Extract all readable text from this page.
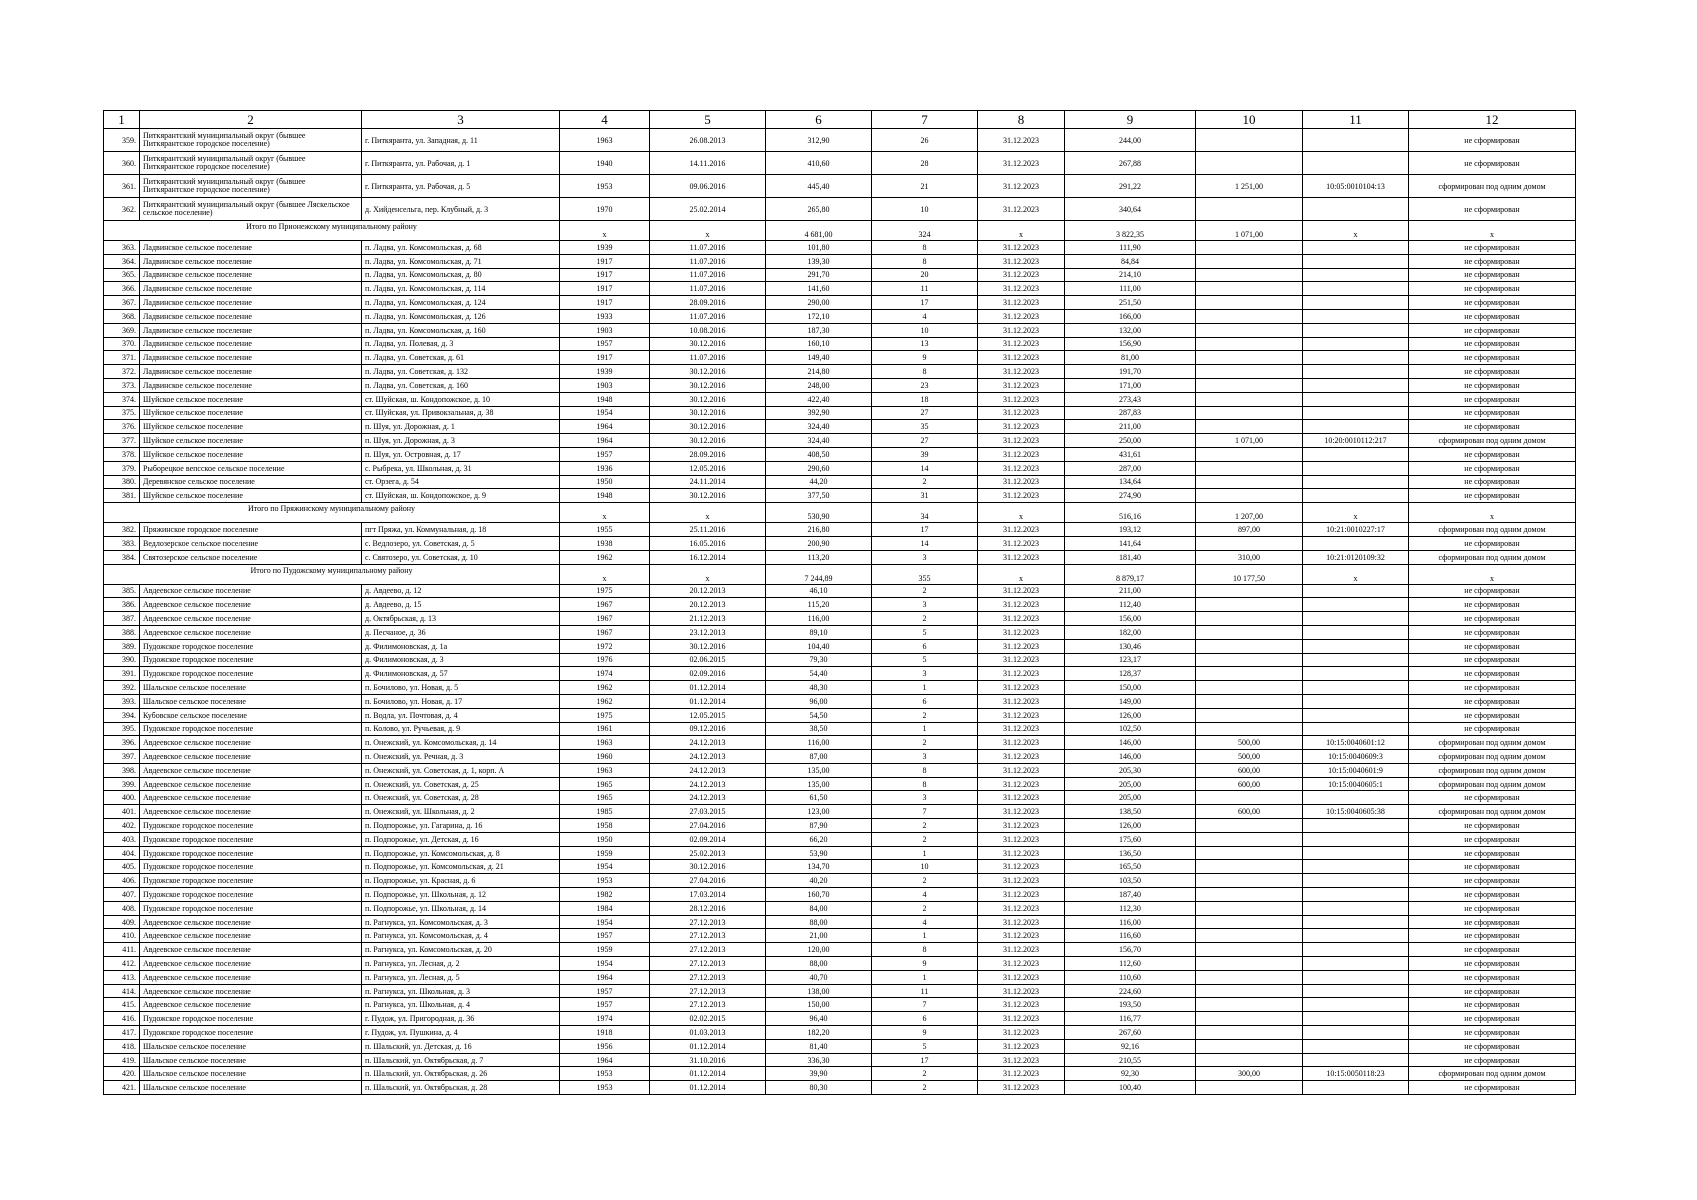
1	2	3	4	5	6	7	8	9	10	11	12
359.	Питкярантский муниципальный округ (бывшее Питкярантское городское поселение)	г. Питкяранта, ул. Западная, д. 11	1963	26.08.2013	312,90	26	31.12.2023	244,00			не сформирован
360.	Питкярантский муниципальный округ (бывшее Питкярантское городское поселение)	г. Питкяранта, ул. Рабочая, д. 1	1940	14.11.2016	410,60	28	31.12.2023	267,88			не сформирован
361.	Питкярантский муниципальный округ (бывшее Питкярантское городское поселение)	г. Питкяранта, ул. Рабочая, д. 5	1953	09.06.2016	445,40	21	31.12.2023	291,22	1 251,00	10:05:0010104:13	сформирован под одним домом
362.	Питкярантский муниципальный округ (бывшее Ляскельское сельское поселение)	д. Хийденсельга, пер. Клубный, д. 3	1970	25.02.2014	265,80	10	31.12.2023	340,64			не сформирован
Итого по Прионежскому муниципальному району			x	x	4 681,00	324	x	3 822,35	1 071,00	x	x
363.	Ладвинское сельское поселение	п. Ладва, ул. Комсомольская, д. 68	1939	11.07.2016	101,80	8	31.12.2023	111,90			не сформирован
364.	Ладвинское сельское поселение	п. Ладва, ул. Комсомольская, д. 71	1917	11.07.2016	139,30	8	31.12.2023	84,84			не сформирован
365.	Ладвинское сельское поселение	п. Ладва, ул. Комсомольская, д. 80	1917	11.07.2016	291,70	20	31.12.2023	214,10			не сформирован
366.	Ладвинское сельское поселение	п. Ладва, ул. Комсомольская, д. 114	1917	11.07.2016	141,60	11	31.12.2023	111,00			не сформирован
367.	Ладвинское сельское поселение	п. Ладва, ул. Комсомольская, д. 124	1917	28.09.2016	290,00	17	31.12.2023	251,50			не сформирован
368.	Ладвинское сельское поселение	п. Ладва, ул. Комсомольская, д. 126	1933	11.07.2016	172,10	4	31.12.2023	166,00			не сформирован
369.	Ладвинское сельское поселение	п. Ладва, ул. Комсомольская, д. 160	1903	10.08.2016	187,30	10	31.12.2023	132,00			не сформирован
370.	Ладвинское сельское поселение	п. Ладва, ул. Полевая, д. 3	1957	30.12.2016	160,10	13	31.12.2023	156,90			не сформирован
371.	Ладвинское сельское поселение	п. Ладва, ул. Советская, д. 61	1917	11.07.2016	149,40	9	31.12.2023	81,00			не сформирован
372.	Ладвинское сельское поселение	п. Ладва, ул. Советская, д. 132	1939	30.12.2016	214,80	8	31.12.2023	191,70			не сформирован
373.	Ладвинское сельское поселение	п. Ладва, ул. Советская, д. 160	1903	30.12.2016	248,00	23	31.12.2023	171,00			не сформирован
374.	Шуйское сельское поселение	ст. Шуйская, ш. Кондопожское, д. 10	1948	30.12.2016	422,40	18	31.12.2023	273,43			не сформирован
375.	Шуйское сельское поселение	ст. Шуйская, ул. Привокзальная, д. 38	1954	30.12.2016	392,90	27	31.12.2023	287,83			не сформирован
376.	Шуйское сельское поселение	п. Шуя, ул. Дорожная, д. 1	1964	30.12.2016	324,40	35	31.12.2023	211,00			не сформирован
377.	Шуйское сельское поселение	п. Шуя, ул. Дорожная, д. 3	1964	30.12.2016	324,40	27	31.12.2023	250,00	1 071,00	10:20:0010112:217	сформирован под одним домом
378.	Шуйское сельское поселение	п. Шуя, ул. Островная, д. 17	1957	28.09.2016	408,50	39	31.12.2023	431,61			не сформирован
379.	Рыборецкое вепсское сельское поселение	с. Рыбрека, ул. Школьная, д. 31	1936	12.05.2016	290,60	14	31.12.2023	287,00			не сформирован
380.	Деревянское сельское поселение	ст. Орзега, д. 54	1950	24.11.2014	44,20	2	31.12.2023	134,64			не сформирован
381.	Шуйское сельское поселение	ст. Шуйская, ш. Кондопожское, д. 9	1948	30.12.2016	377,50	31	31.12.2023	274,90			не сформирован
Итого по Пряжинскому муниципальному району			x	x	530,90	34	x	516,16	1 207,00	x	x
382.	Пряжинское городское поселение	пгт Пряжа, ул. Коммунальная, д. 18	1955	25.11.2016	216,80	17	31.12.2023	193,12	897,00	10:21:0010227:17	сформирован под одним домом
383.	Ведлозерское сельское поселение	с. Ведлозеро, ул. Советская, д. 5	1938	16.05.2016	200,90	14	31.12.2023	141,64			не сформирован
384.	Святозерское сельское поселение	с. Святозеро, ул. Советская, д. 10	1962	16.12.2014	113,20	3	31.12.2023	181,40	310,00	10:21:0120109:32	сформирован под одним домом
Итого по Пудожскому муниципальному району			x	x	7 244,89	355	x	8 879,17	10 177,50	x	x
385.	Авдеевское сельское поселение	д. Авдеево, д. 12	1975	20.12.2013	46,10	2	31.12.2023	211,00			не сформирован
386.	Авдеевское сельское поселение	д. Авдеево, д. 15	1967	20.12.2013	115,20	3	31.12.2023	112,40			не сформирован
387.	Авдеевское сельское поселение	д. Октябрьская, д. 13	1967	21.12.2013	116,00	2	31.12.2023	156,00			не сформирован
388.	Авдеевское сельское поселение	д. Песчаное, д. 36	1967	23.12.2013	89,10	5	31.12.2023	182,00			не сформирован
389.	Пудожское городское поселение	д. Филимоновская, д. 1а	1972	30.12.2016	104,40	6	31.12.2023	130,46			не сформирован
390.	Пудожское городское поселение	д. Филимоновская, д. 3	1976	02.06.2015	79,30	5	31.12.2023	123,17			не сформирован
391.	Пудожское городское поселение	д. Филимоновская, д. 57	1974	02.09.2016	54,40	3	31.12.2023	128,37			не сформирован
392.	Шальское сельское поселение	п. Бочилово, ул. Новая, д. 5	1962	01.12.2014	48,30	1	31.12.2023	150,00			не сформирован
393.	Шальское сельское поселение	п. Бочилово, ул. Новая, д. 17	1962	01.12.2014	96,00	6	31.12.2023	149,00			не сформирован
394.	Кубовское сельское поселение	п. Водла, ул. Почтовая, д. 4	1975	12.05.2015	54,50	2	31.12.2023	126,00			не сформирован
395.	Пудожское городское поселение	п. Колово, ул. Ручьевая, д. 9	1961	09.12.2016	38,50	1	31.12.2023	102,50			не сформирован
396.	Авдеевское сельское поселение	п. Онежский, ул. Комсомольская, д. 14	1963	24.12.2013	116,00	2	31.12.2023	146,00	500,00	10:15:0040601:12	сформирован под одним домом
397.	Авдеевское сельское поселение	п. Онежский, ул. Речная, д. 3	1960	24.12.2013	87,00	3	31.12.2023	146,00	500,00	10:15:0040609:3	сформирован под одним домом
398.	Авдеевское сельское поселение	п. Онежский, ул. Советская, д. 1, корп. А	1963	24.12.2013	135,00	8	31.12.2023	205,30	600,00	10:15:0040601:9	сформирован под одним домом
399.	Авдеевское сельское поселение	п. Онежский, ул. Советская, д. 25	1965	24.12.2013	135,00	8	31.12.2023	205,00	600,00	10:15:0040605:1	сформирован под одним домом
400.	Авдеевское сельское поселение	п. Онежский, ул. Советская, д. 28	1965	24.12.2013	61,50	3	31.12.2023	205,00			не сформирован
401.	Авдеевское сельское поселение	п. Онежский, ул. Школьная, д. 2	1985	27.03.2015	123,00	7	31.12.2023	138,50	600,00	10:15:0040605:38	сформирован под одним домом
402.	Пудожское городское поселение	п. Подпорожье, ул. Гагарина, д. 16	1958	27.04.2016	87,90	2	31.12.2023	126,00			не сформирован
403.	Пудожское городское поселение	п. Подпорожье, ул. Детская, д. 16	1950	02.09.2014	66,20	2	31.12.2023	175,60			не сформирован
404.	Пудожское городское поселение	п. Подпорожье, ул. Комсомольская, д. 8	1959	25.02.2013	53,90	1	31.12.2023	136,50			не сформирован
405.	Пудожское городское поселение	п. Подпорожье, ул. Комсомольская, д. 21	1954	30.12.2016	134,70	10	31.12.2023	165,50			не сформирован
406.	Пудожское городское поселение	п. Подпорожье, ул. Красная, д. 6	1953	27.04.2016	40,20	2	31.12.2023	103,50			не сформирован
407.	Пудожское городское поселение	п. Подпорожье, ул. Школьная, д. 12	1982	17.03.2014	160,70	4	31.12.2023	187,40			не сформирован
408.	Пудожское городское поселение	п. Подпорожье, ул. Школьная, д. 14	1984	28.12.2016	84,00	2	31.12.2023	112,30			не сформирован
409.	Авдеевское сельское поселение	п. Рагнукса, ул. Комсомольская, д. 3	1954	27.12.2013	88,00	4	31.12.2023	116,00			не сформирован
410.	Авдеевское сельское поселение	п. Рагнукса, ул. Комсомольская, д. 4	1957	27.12.2013	21,00	1	31.12.2023	116,60			не сформирован
411.	Авдеевское сельское поселение	п. Рагнукса, ул. Комсомольская, д. 20	1959	27.12.2013	120,00	8	31.12.2023	156,70			не сформирован
412.	Авдеевское сельское поселение	п. Рагнукса, ул. Лесная, д. 2	1954	27.12.2013	88,00	9	31.12.2023	112,60			не сформирован
413.	Авдеевское сельское поселение	п. Рагнукса, ул. Лесная, д. 5	1964	27.12.2013	40,70	1	31.12.2023	110,60			не сформирован
414.	Авдеевское сельское поселение	п. Рагнукса, ул. Школьная, д. 3	1957	27.12.2013	138,00	11	31.12.2023	224,60			не сформирован
415.	Авдеевское сельское поселение	п. Рагнукса, ул. Школьная, д. 4	1957	27.12.2013	150,00	7	31.12.2023	193,50			не сформирован
416.	Пудожское городское поселение	г. Пудож, ул. Пригородная, д. 36	1974	02.02.2015	96,40	6	31.12.2023	116,77			не сформирован
417.	Пудожское городское поселение	г. Пудож, ул. Пушкина, д. 4	1918	01.03.2013	182,20	9	31.12.2023	267,60			не сформирован
418.	Шальское сельское поселение	п. Шальский, ул. Детская, д. 16	1956	01.12.2014	81,40	5	31.12.2023	92,16			не сформирован
419.	Шальское сельское поселение	п. Шальский, ул. Октябрьская, д. 7	1964	31.10.2016	336,30	17	31.12.2023	210,55			не сформирован
420.	Шальское сельское поселение	п. Шальский, ул. Октябрьская, д. 26	1953	01.12.2014	39,90	2	31.12.2023	92,30	300,00	10:15:0050118:23	сформирован под одним домом
421.	Шальское сельское поселение	п. Шальский, ул. Октябрьская, д. 28	1953	01.12.2014	80,30	2	31.12.2023	100,40			не сформирован
